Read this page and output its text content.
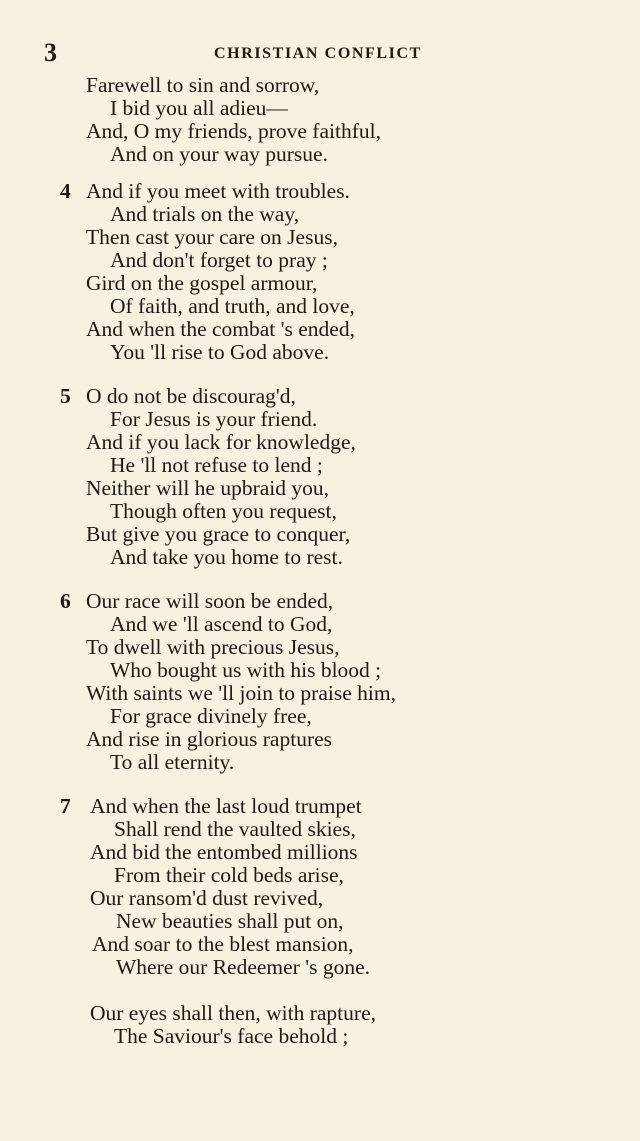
3	CHRISTIAN CONFLICT
Farewell to sin and sorrow,
I bid you all adieu—
And, O my friends, prove faithful,
And on your way pursue.
4 And if you meet with troubles.
And trials on the way,
Then cast your care on Jesus,
And don't forget to pray ;
Gird on the gospel armour,
Of faith, and truth, and love,
And when the combat 's ended,
You 'll rise to God above.
5 O do not be discourag'd,
For Jesus is your friend.
And if you lack for knowledge,
He 'll not refuse to lend ;
Neither will he upbraid you,
Though often you request,
But give you grace to conquer,
And take you home to rest.
6 Our race will soon be ended,
And we 'll ascend to God,
To dwell with precious Jesus,
Who bought us with his blood ;
With saints we 'll join to praise him,
For grace divinely free,
And rise in glorious raptures
To all eternity.
7 And when the last loud trumpet
Shall rend the vaulted skies,
And bid the entombed millions
From their cold beds arise,
Our ransom'd dust revived,
New beauties shall put on,
And soar to the blest mansion,
Where our Redeemer 's gone.
Our eyes shall then, with rapture,
The Saviour's face behold ;
